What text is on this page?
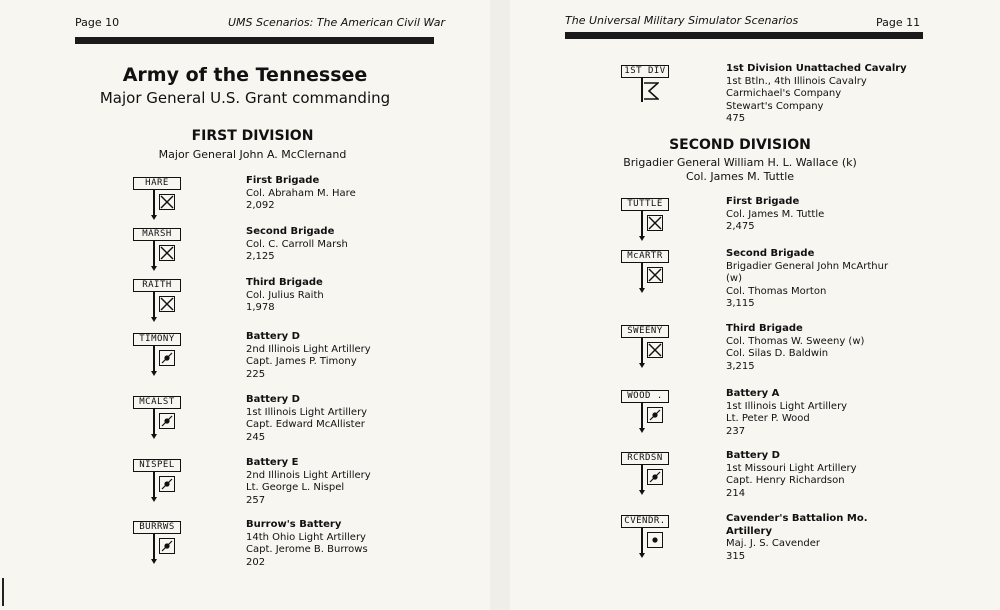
Page 10	UMS Scenarios: The American Civil War
Army of the Tennessee
Major General U.S. Grant commanding
FIRST DIVISION
Major General John A. McClernand
HARE	First Brigade
Col. Abraham M. Hare
2,092
MARSH	Second Brigade
Col. C. Carroll Marsh
2,125
RAITH	Third Brigade
Col. Julius Raith
1,978
TIMONY	Battery D
2nd Illinois Light Artillery
Capt. James P. Timony
225
MCALST	Battery D
1st Illinois Light Artillery
Capt. Edward McAllister
245
NISPEL	Battery E
2nd Illinois Light Artillery
Lt. George L. Nispel
257
BURRWS	Burrow's Battery
14th Ohio Light Artillery
Capt. Jerome B. Burrows
202
The Universal Military Simulator Scenarios	Page 11
1ST DIV	1st Division Unattached Cavalry
1st Btln., 4th Illinois Cavalry
Carmichael's Company
Stewart's Company
475
SECOND DIVISION
Brigadier General William H. L. Wallace (k)
Col. James M. Tuttle
TUTTLE	First Brigade
Col. James M. Tuttle
2,475
McARTR	Second Brigade
Brigadier General John McArthur
(w)
Col. Thomas Morton
3,115
SWEENY	Third Brigade
Col. Thomas W. Sweeny (w)
Col. Silas D. Baldwin
3,215
WOOD .	Battery A
1st Illinois Light Artillery
Lt. Peter P. Wood
237
RCRDSN	Battery D
1st Missouri Light Artillery
Capt. Henry Richardson
214
CVENDR.	Cavender's Battalion Mo. Artillery
Maj. J. S. Cavender
315
